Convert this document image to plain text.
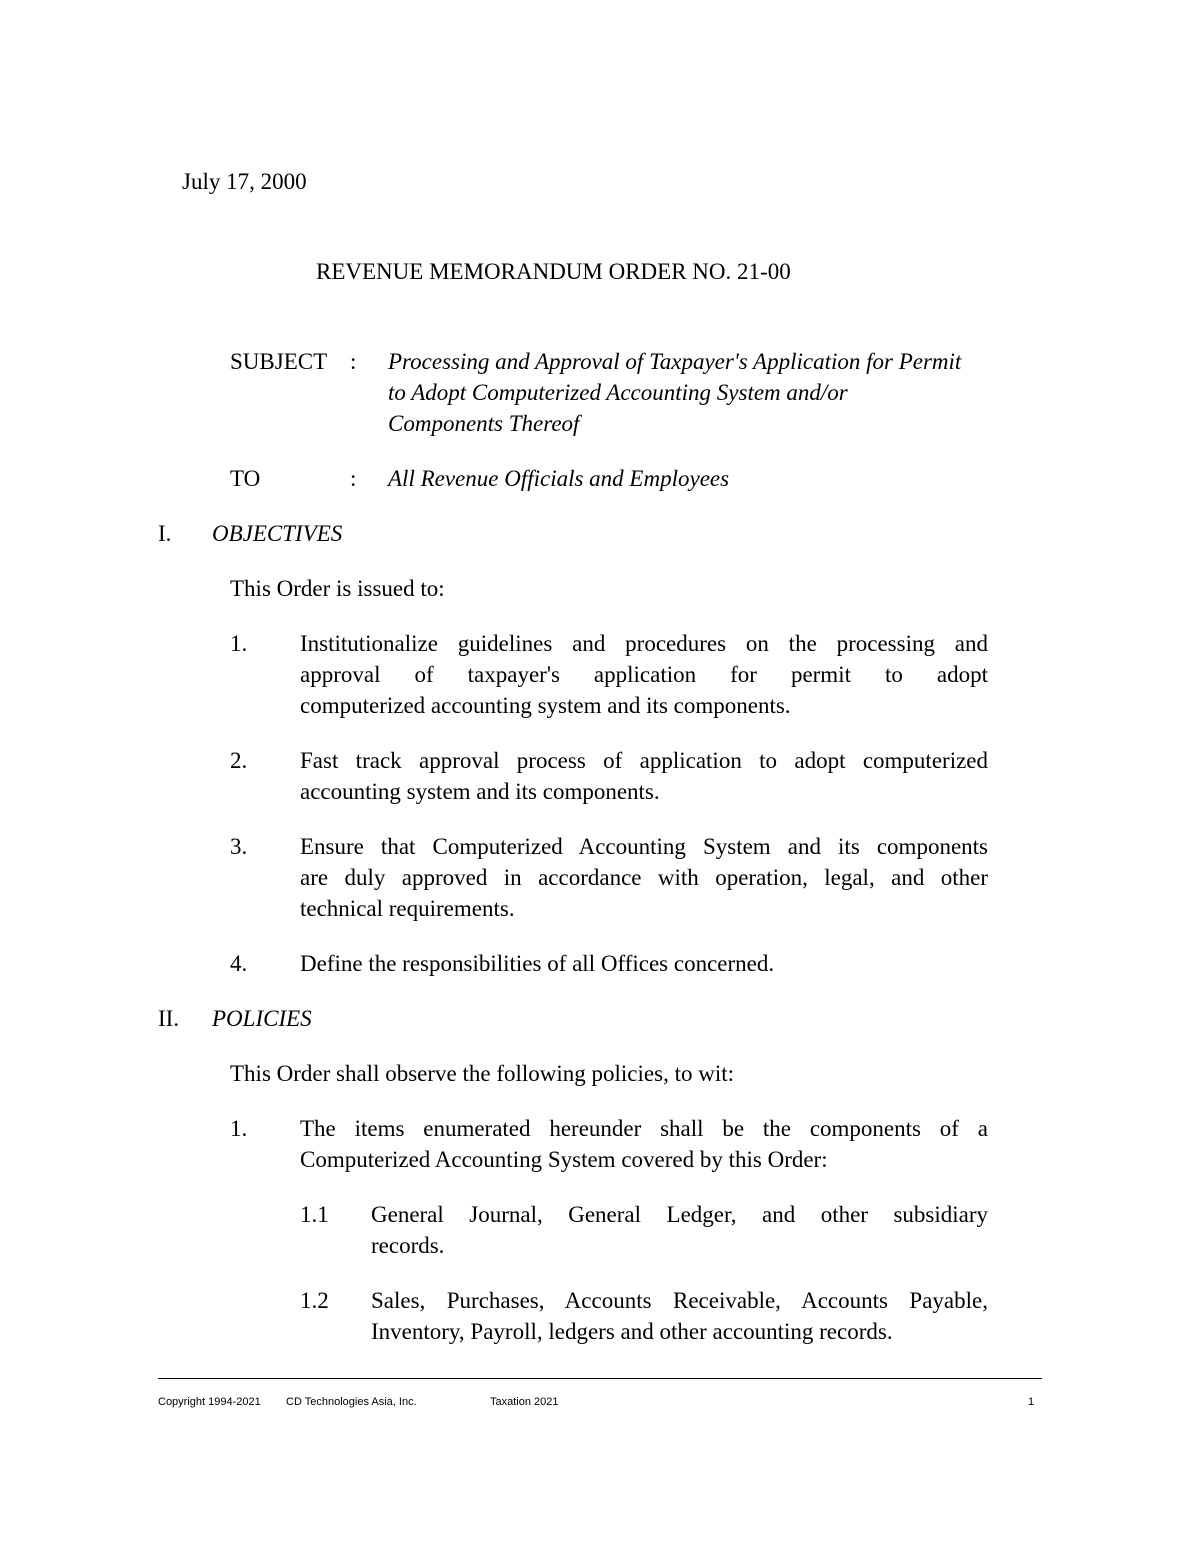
July 17, 2000
REVENUE MEMORANDUM ORDER NO. 21-00
SUBJECT : Processing and Approval of Taxpayer's Application for Permit
to Adopt Computerized Accounting System and/or
Components Thereof
TO	: All Revenue Officials and Employees
I. OBJECTIVES
This Order is issued to:
1. Institutionalize guidelines and procedures on the processing and
approval of taxpayer's application for permit to adopt
computerized accounting system and its components.
2. Fast track approval process of application to adopt computerized
accounting system and its components.
3. Ensure that Computerized Accounting System and its components
are duly approved in accordance with operation, legal, and other
technical requirements.
4. Define the responsibilities of all Offices concerned.
II. POLICIES
This Order shall observe the following policies, to wit:
1. The items enumerated hereunder shall be the components of a
Computerized Accounting System covered by this Order:
1.1 General Journal, General Ledger, and other subsidiary
records.
1.2 Sales, Purchases, Accounts Receivable, Accounts Payable,
Inventory, Payroll, ledgers and other accounting records.
Copyright 1994-2021 CD Technologies Asia, Inc.	Taxation 2021	1
